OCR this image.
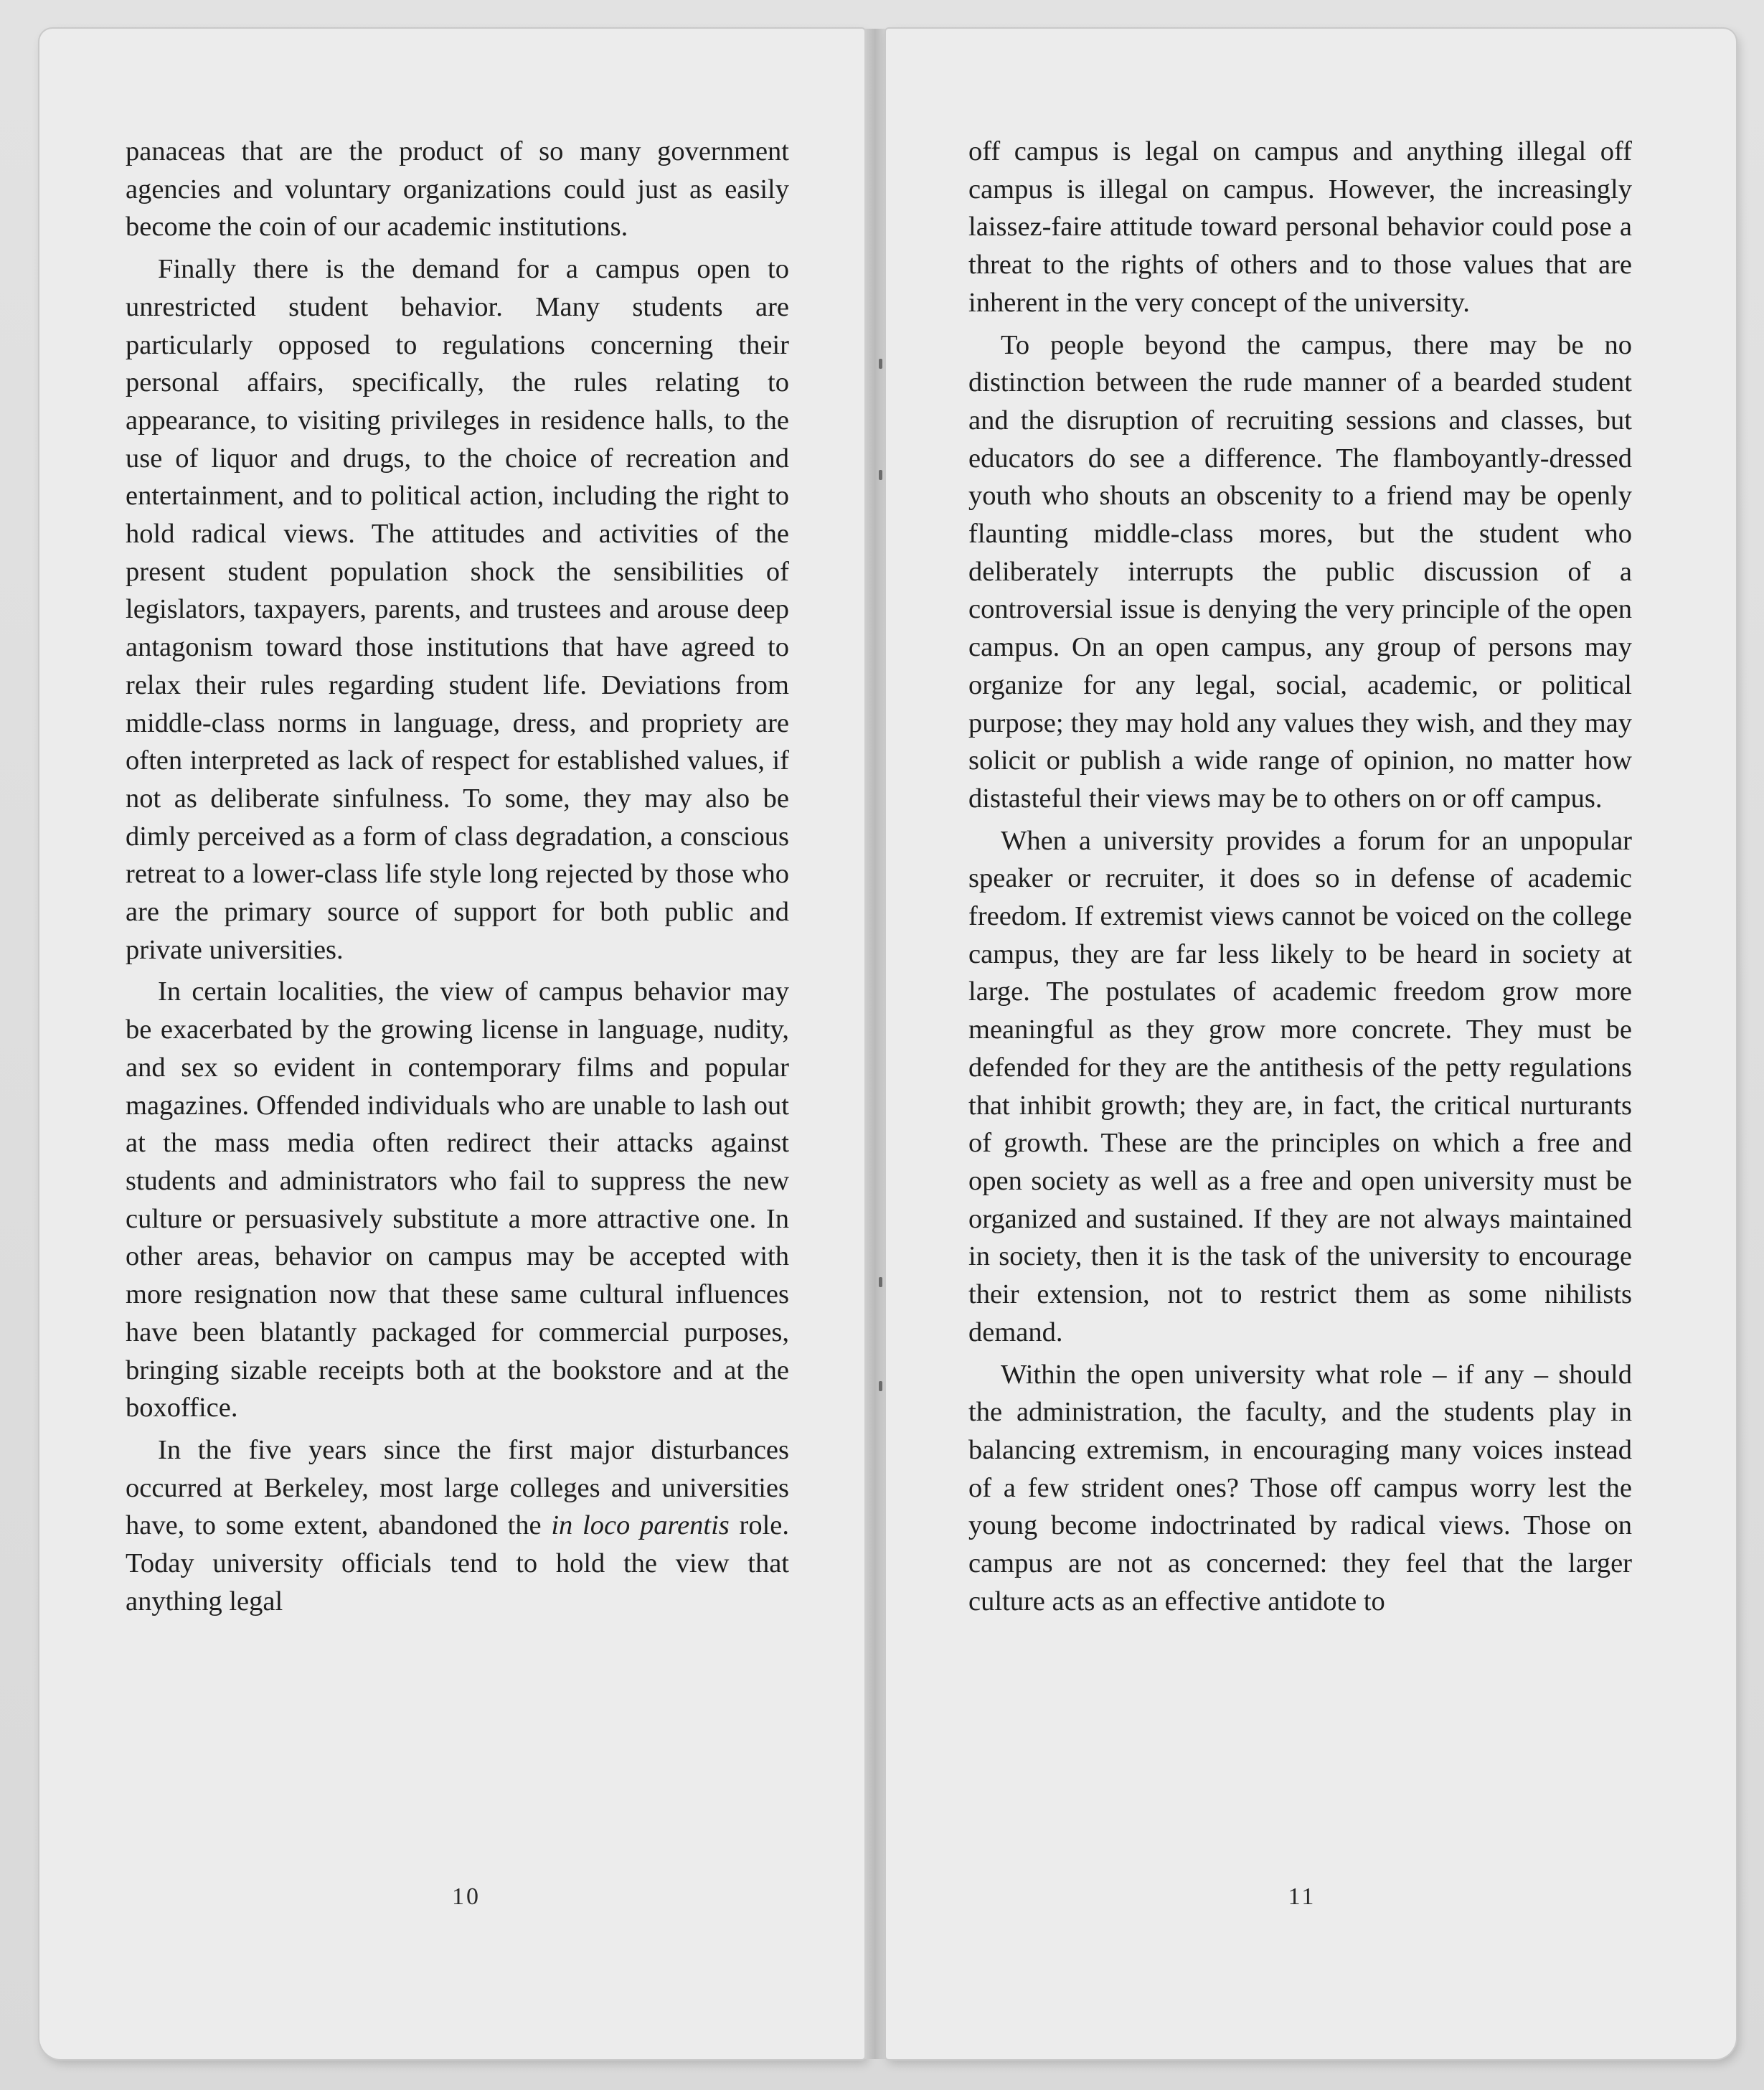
panaceas that are the product of so many government agencies and voluntary organizations could just as easily become the coin of our academic institutions.

Finally there is the demand for a campus open to unrestricted student behavior. Many students are particularly opposed to regulations concerning their personal affairs, specifically, the rules relating to appearance, to visiting privileges in residence halls, to the use of liquor and drugs, to the choice of recreation and entertainment, and to political action, including the right to hold radical views. The attitudes and activities of the present student population shock the sensibilities of legislators, taxpayers, parents, and trustees and arouse deep antagonism toward those institutions that have agreed to relax their rules regarding student life. Deviations from middle-class norms in language, dress, and propriety are often interpreted as lack of respect for established values, if not as deliberate sinfulness. To some, they may also be dimly perceived as a form of class degradation, a conscious retreat to a lower-class life style long rejected by those who are the primary source of support for both public and private universities.

In certain localities, the view of campus behavior may be exacerbated by the growing license in language, nudity, and sex so evident in contemporary films and popular magazines. Offended individuals who are unable to lash out at the mass media often redirect their attacks against students and administrators who fail to suppress the new culture or persuasively substitute a more attractive one. In other areas, behavior on campus may be accepted with more resignation now that these same cultural influences have been blatantly packaged for commercial purposes, bringing sizable receipts both at the bookstore and at the boxoffice.

In the five years since the first major disturbances occurred at Berkeley, most large colleges and universities have, to some extent, abandoned the in loco parentis role. Today university officials tend to hold the view that anything legal

10

off campus is legal on campus and anything illegal off campus is illegal on campus. However, the increasingly laissez-faire attitude toward personal behavior could pose a threat to the rights of others and to those values that are inherent in the very concept of the university.

To people beyond the campus, there may be no distinction between the rude manner of a bearded student and the disruption of recruiting sessions and classes, but educators do see a difference. The flamboyantly-dressed youth who shouts an obscenity to a friend may be openly flaunting middle-class mores, but the student who deliberately interrupts the public discussion of a controversial issue is denying the very principle of the open campus. On an open campus, any group of persons may organize for any legal, social, academic, or political purpose; they may hold any values they wish, and they may solicit or publish a wide range of opinion, no matter how distasteful their views may be to others on or off campus.

When a university provides a forum for an unpopular speaker or recruiter, it does so in defense of academic freedom. If extremist views cannot be voiced on the college campus, they are far less likely to be heard in society at large. The postulates of academic freedom grow more meaningful as they grow more concrete. They must be defended for they are the antithesis of the petty regulations that inhibit growth; they are, in fact, the critical nurturants of growth. These are the principles on which a free and open society as well as a free and open university must be organized and sustained. If they are not always maintained in society, then it is the task of the university to encourage their extension, not to restrict them as some nihilists demand.

Within the open university what role – if any – should the administration, the faculty, and the students play in balancing extremism, in encouraging many voices instead of a few strident ones? Those off campus worry lest the young become indoctrinated by radical views. Those on campus are not as concerned: they feel that the larger culture acts as an effective antidote to

11
